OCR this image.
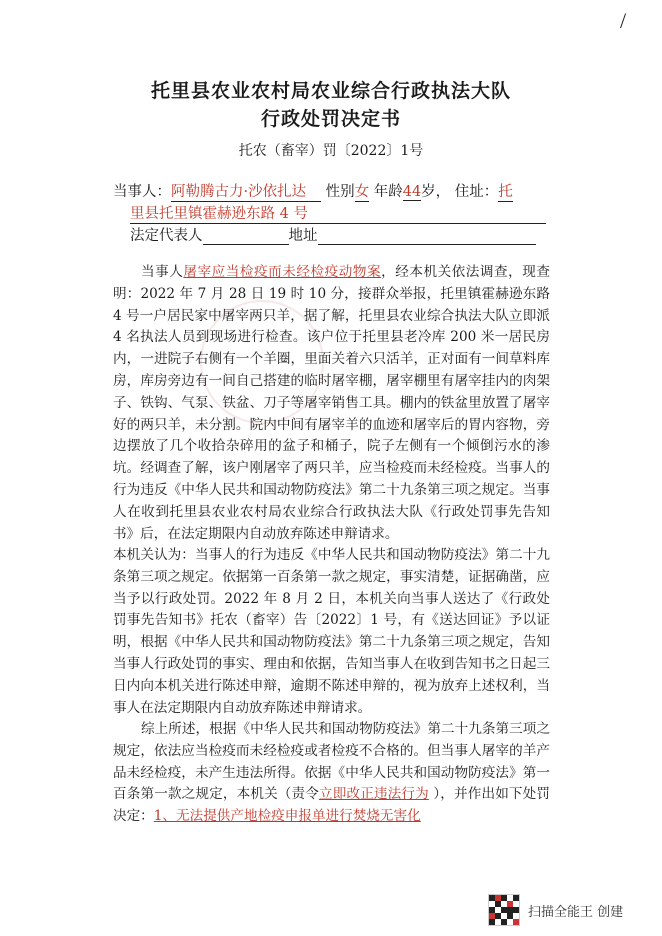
/
托里县农业农村局农业综合行政执法大队
行政处罚决定书
托农（畜宰）罚〔2022〕1号
当事人：阿勒腾古力·沙依扎达 性别女 年龄44岁， 住址：托
里县托里镇霍赫逊东路 4 号
法定代表人	地址

当事人屠宰应当检疫而未经检疫动物案，经本机关依法调查，现查明：2022 年 7 月 28 日 19 时 10 分，接群众举报，托里镇霍赫逊东路 4 号一户居民家中屠宰两只羊，据了解，托里县农业综合执法大队立即派 4 名执法人员到现场进行检查。该户位于托里县老冷库 200 米一居民房内，一进院子右侧有一个羊圈，里面关着六只活羊，正对面有一间草料库房，库房旁边有一间自己搭建的临时屠宰棚，屠宰棚里有屠宰挂内的肉架子、铁钩、气泵、铁盆、刀子等屠宰销售工具。棚内的铁盆里放置了屠宰好的两只羊，未分割。院内中间有屠宰羊的血迹和屠宰后的胃内容物，旁边摆放了几个收拾杂碎用的盆子和桶子，院子左侧有一个倾倒污水的渗坑。经调查了解，该户刚屠宰了两只羊，应当检疫而未经检疫。当事人的行为违反《中华人民共和国动物防疫法》第二十九条第三项之规定。当事人在收到托里县农业农村局农业综合行政执法大队《行政处罚事先告知书》后，在法定期限内自动放弃陈述申辩请求。

本机关认为：当事人的行为违反《中华人民共和国动物防疫法》第二十九条第三项之规定。依据第一百条第一款之规定，事实清楚，证据确凿，应当予以行政处罚。2022 年 8 月 2 日，本机关向当事人送达了《行政处罚事先告知书》托农（畜宰）告〔2022〕1 号，有《送达回证》予以证明，根据《中华人民共和国动物防疫法》第二十九条第三项之规定，告知当事人行政处罚的事实、理由和依据，告知当事人在收到告知书之日起三日内向本机关进行陈述申辩，逾期不陈述申辩的，视为放弃上述权利，当事人在法定期限内自动放弃陈述申辩请求。

综上所述，根据《中华人民共和国动物防疫法》第二十九条第三项之规定，依法应当检疫而未经检疫或者检疫不合格的。但当事人屠宰的羊产品未经检疫，未产生违法所得。依据《中华人民共和国动物防疫法》第一百条第一款之规定，本机关（责令立即改正违法行为 ），并作出如下处罚决定：1、无法提供产地检疫申报单进行焚烧无害化

扫描全能王 创建
